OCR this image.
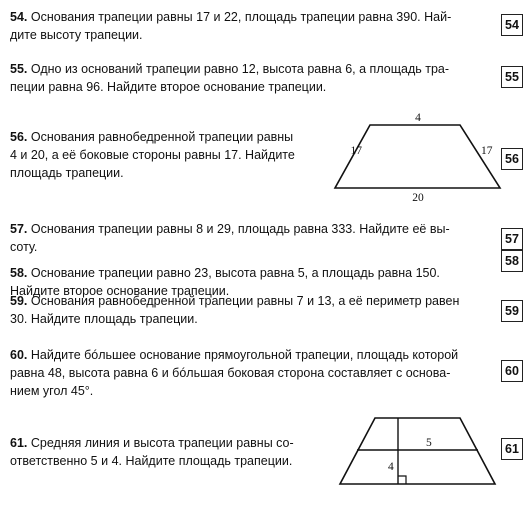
54. Основания трапеции равны 17 и 22, площадь трапеции равна 390. Най-
дите высоту трапеции.
54
55. Одно из оснований трапеции равно 12, высота равна 6, а площадь тра-
пеции равна 96. Найдите второе основание трапеции.
55
56. Основания равнобедренной трапеции равны
4 и 20, а её боковые стороны равны 17. Найдите
площадь трапеции.
4
17	17
20
56
57. Основания трапеции равны 8 и 29, площадь равна 333. Найдите её вы-
соту.
57
58. Основание трапеции равно 23, высота равна 5, а площадь равна 150.
Найдите второе основание трапеции.
58
59. Основания равнобедренной трапеции равны 7 и 13, а её периметр равен
30. Найдите площадь трапеции.
59
60. Найдите бóльшее основание прямоугольной трапеции, площадь которой
равна 48, высота равна 6 и бóльшая боковая сторона составляет с основа-
нием угол 45°.
60
61. Средняя линия и высота трапеции равны со-
ответственно 5 и 4. Найдите площадь трапеции.
5
4
61
